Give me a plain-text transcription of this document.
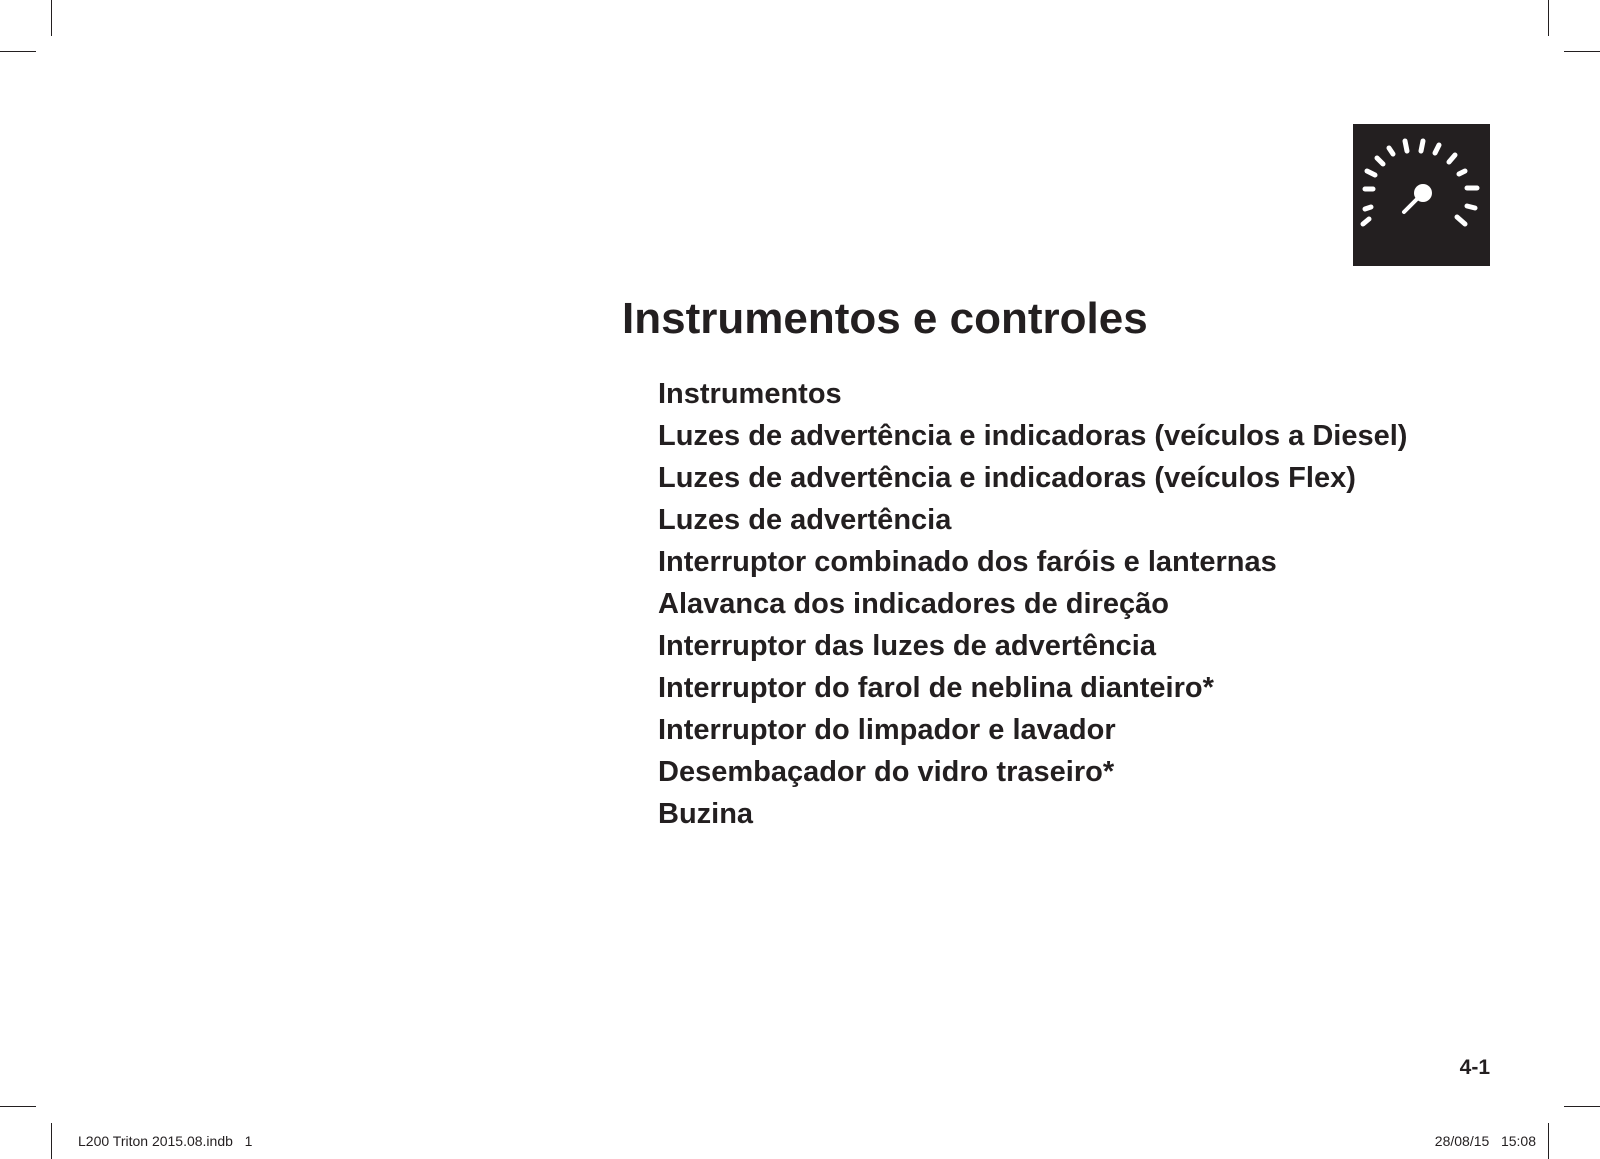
Instrumentos e controles
Instrumentos
Luzes de advertência e indicadoras (veículos a Diesel)
Luzes de advertência e indicadoras (veículos Flex)
Luzes de advertência
Interruptor combinado dos faróis e lanternas
Alavanca dos indicadores de direção
Interruptor das luzes de advertência
Interruptor do farol de neblina dianteiro*
Interruptor do limpador e lavador
Desembaçador do vidro traseiro*
Buzina
4-1
L200 Triton 2015.08.indb   1	28/08/15   15:08
